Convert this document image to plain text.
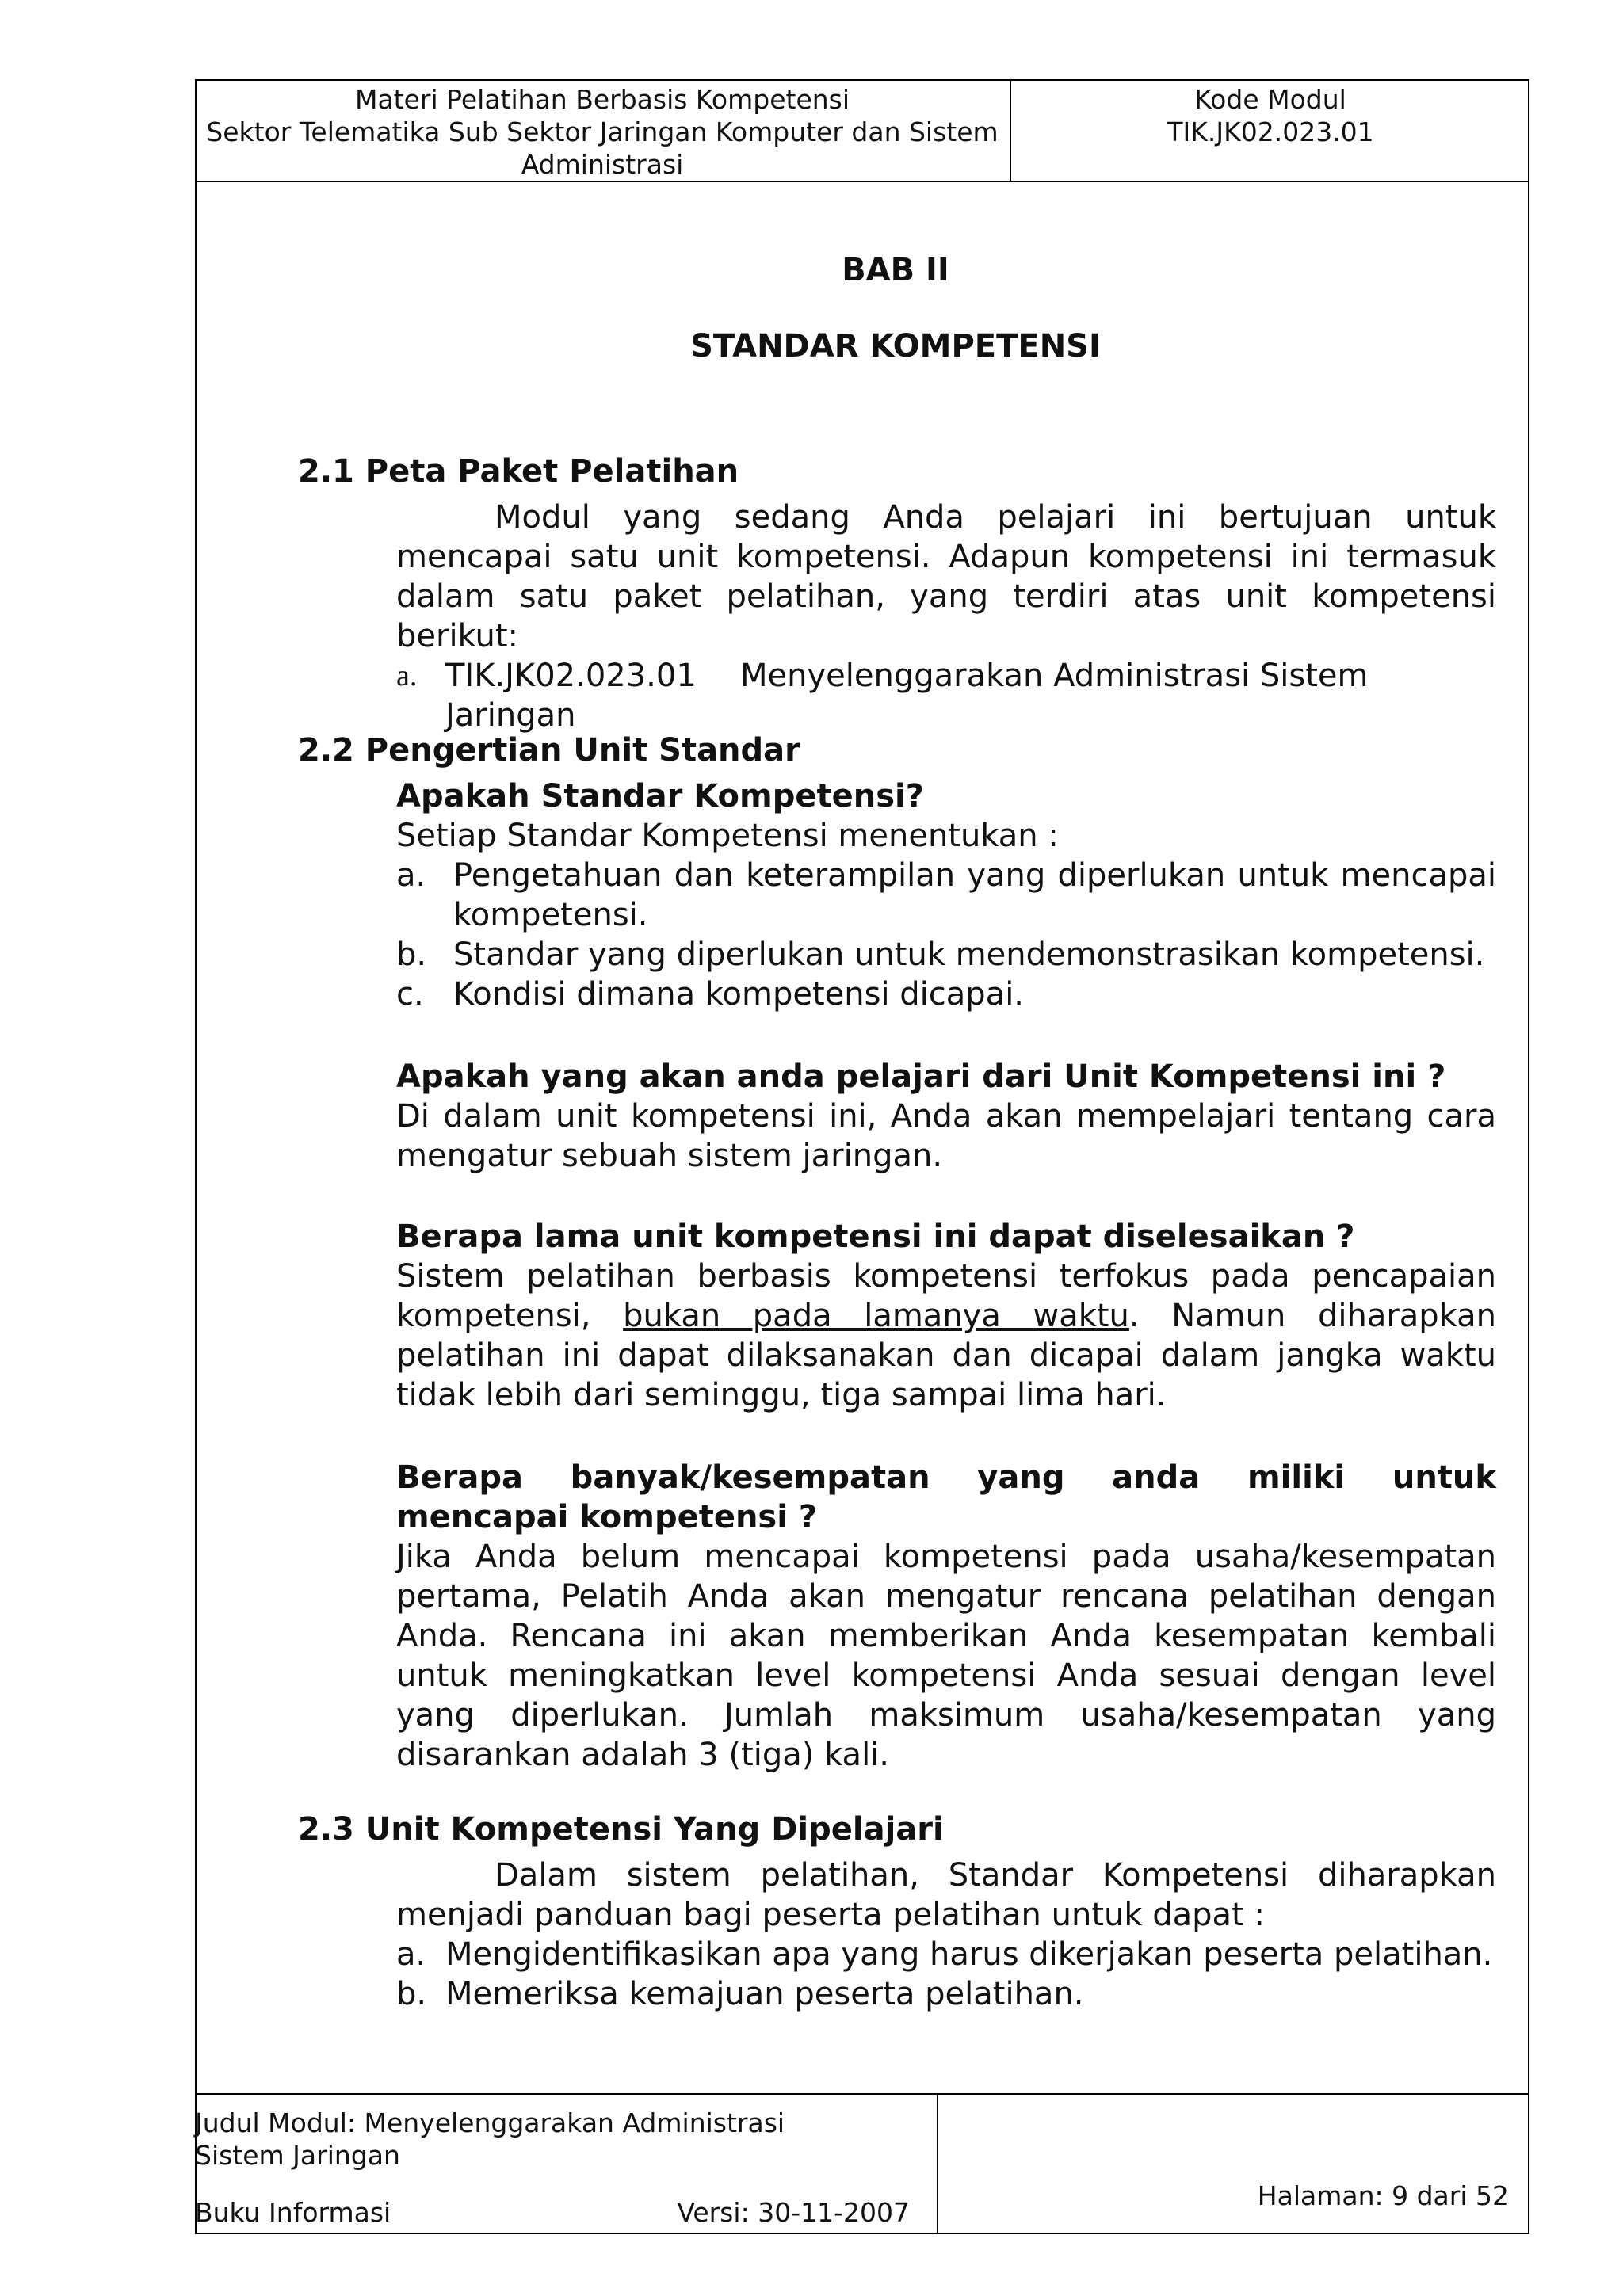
Materi Pelatihan Berbasis Kompetensi
Sektor Telematika Sub Sektor Jaringan Komputer dan Sistem
Administrasi
Kode Modul
TIK.JK02.023.01
BAB II
STANDAR KOMPETENSI
2.1 Peta Paket Pelatihan
Modul yang sedang Anda pelajari ini bertujuan untuk mencapai satu unit kompetensi. Adapun kompetensi ini termasuk dalam satu paket pelatihan, yang terdiri atas unit kompetensi berikut:
a. TIK.JK02.023.01 Menyelenggarakan Administrasi Sistem Jaringan
2.2 Pengertian Unit Standar
Apakah Standar Kompetensi?
Setiap Standar Kompetensi menentukan :
a. Pengetahuan dan keterampilan yang diperlukan untuk mencapai kompetensi.
b. Standar yang diperlukan untuk mendemonstrasikan kompetensi.
c. Kondisi dimana kompetensi dicapai.
Apakah yang akan anda pelajari dari Unit Kompetensi ini ?
Di dalam unit kompetensi ini, Anda akan mempelajari tentang cara mengatur sebuah sistem jaringan.
Berapa lama unit kompetensi ini dapat diselesaikan ?
Sistem pelatihan berbasis kompetensi terfokus pada pencapaian kompetensi, bukan pada lamanya waktu. Namun diharapkan pelatihan ini dapat dilaksanakan dan dicapai dalam jangka waktu tidak lebih dari seminggu, tiga sampai lima hari.
Berapa banyak/kesempatan yang anda miliki untuk mencapai kompetensi ?
Jika Anda belum mencapai kompetensi pada usaha/kesempatan pertama, Pelatih Anda akan mengatur rencana pelatihan dengan Anda. Rencana ini akan memberikan Anda kesempatan kembali untuk meningkatkan level kompetensi Anda sesuai dengan level yang diperlukan. Jumlah maksimum usaha/kesempatan yang disarankan adalah 3 (tiga) kali.
2.3 Unit Kompetensi Yang Dipelajari
Dalam sistem pelatihan, Standar Kompetensi diharapkan menjadi panduan bagi peserta pelatihan untuk dapat :
a. Mengidentifikasikan apa yang harus dikerjakan peserta pelatihan.
b. Memeriksa kemajuan peserta pelatihan.
Judul Modul: Menyelenggarakan Administrasi Sistem Jaringan
Buku Informasi	Versi: 30-11-2007
Halaman: 9 dari 52
